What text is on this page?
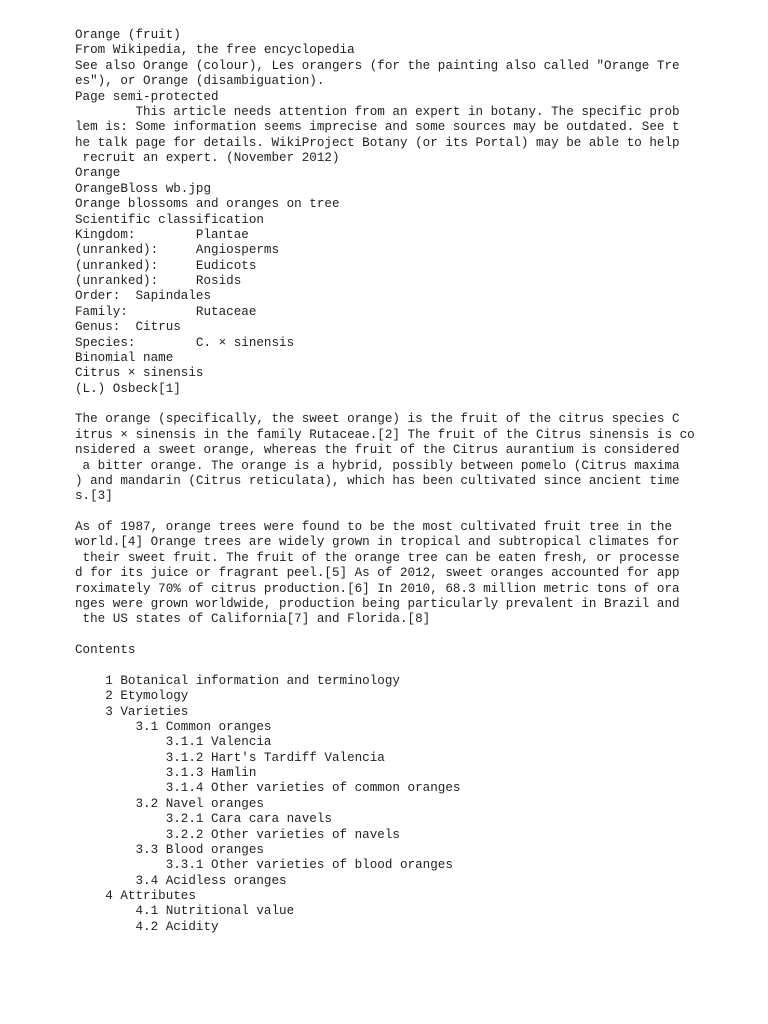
Orange (fruit)
From Wikipedia, the free encyclopedia
See also Orange (colour), Les orangers (for the painting also called "Orange Tre
es"), or Orange (disambiguation).
Page semi-protected
This article needs attention from an expert in botany. The specific prob
lem is: Some information seems imprecise and some sources may be outdated. See t
he talk page for details. WikiProject Botany (or its Portal) may be able to help
recruit an expert. (November 2012)
Orange
OrangeBloss wb.jpg
Orange blossoms and oranges on tree
Scientific classification
Kingdom:        Plantae
(unranked):     Angiosperms
(unranked):     Eudicots
(unranked):     Rosids
Order:  Sapindales
Family:         Rutaceae
Genus:  Citrus
Species:        C. × sinensis
Binomial name
Citrus × sinensis
(L.) Osbeck[1]
The orange (specifically, the sweet orange) is the fruit of the citrus species C
itrus × sinensis in the family Rutaceae.[2] The fruit of the Citrus sinensis is co
nsidered a sweet orange, whereas the fruit of the Citrus aurantium is considered
a bitter orange. The orange is a hybrid, possibly between pomelo (Citrus maxima
) and mandarin (Citrus reticulata), which has been cultivated since ancient time
s.[3]
As of 1987, orange trees were found to be the most cultivated fruit tree in the
world.[4] Orange trees are widely grown in tropical and subtropical climates for
their sweet fruit. The fruit of the orange tree can be eaten fresh, or processe
d for its juice or fragrant peel.[5] As of 2012, sweet oranges accounted for app
roximately 70% of citrus production.[6] In 2010, 68.3 million metric tons of ora
nges were grown worldwide, production being particularly prevalent in Brazil and
the US states of California[7] and Florida.[8]
Contents
1 Botanical information and terminology
2 Etymology
3 Varieties
3.1 Common oranges
3.1.1 Valencia
3.1.2 Hart's Tardiff Valencia
3.1.3 Hamlin
3.1.4 Other varieties of common oranges
3.2 Navel oranges
3.2.1 Cara cara navels
3.2.2 Other varieties of navels
3.3 Blood oranges
3.3.1 Other varieties of blood oranges
3.4 Acidless oranges
4 Attributes
4.1 Nutritional value
4.2 Acidity
